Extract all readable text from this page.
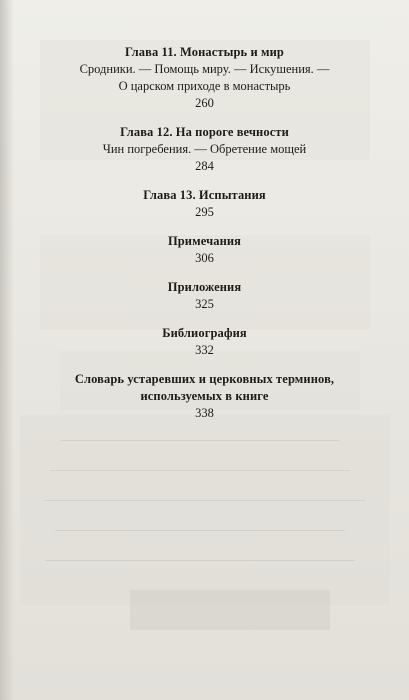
Глава 11. Монастырь и мир
Сродники. — Помощь миру. — Искушения. —
О царском приходе в монастырь
260
Глава 12. На пороге вечности
Чин погребения. — Обретение мощей
284
Глава 13. Испытания
295
Примечания
306
Приложения
325
Библиография
332
Словарь устаревших и церковных терминов,
используемых в книге
338
